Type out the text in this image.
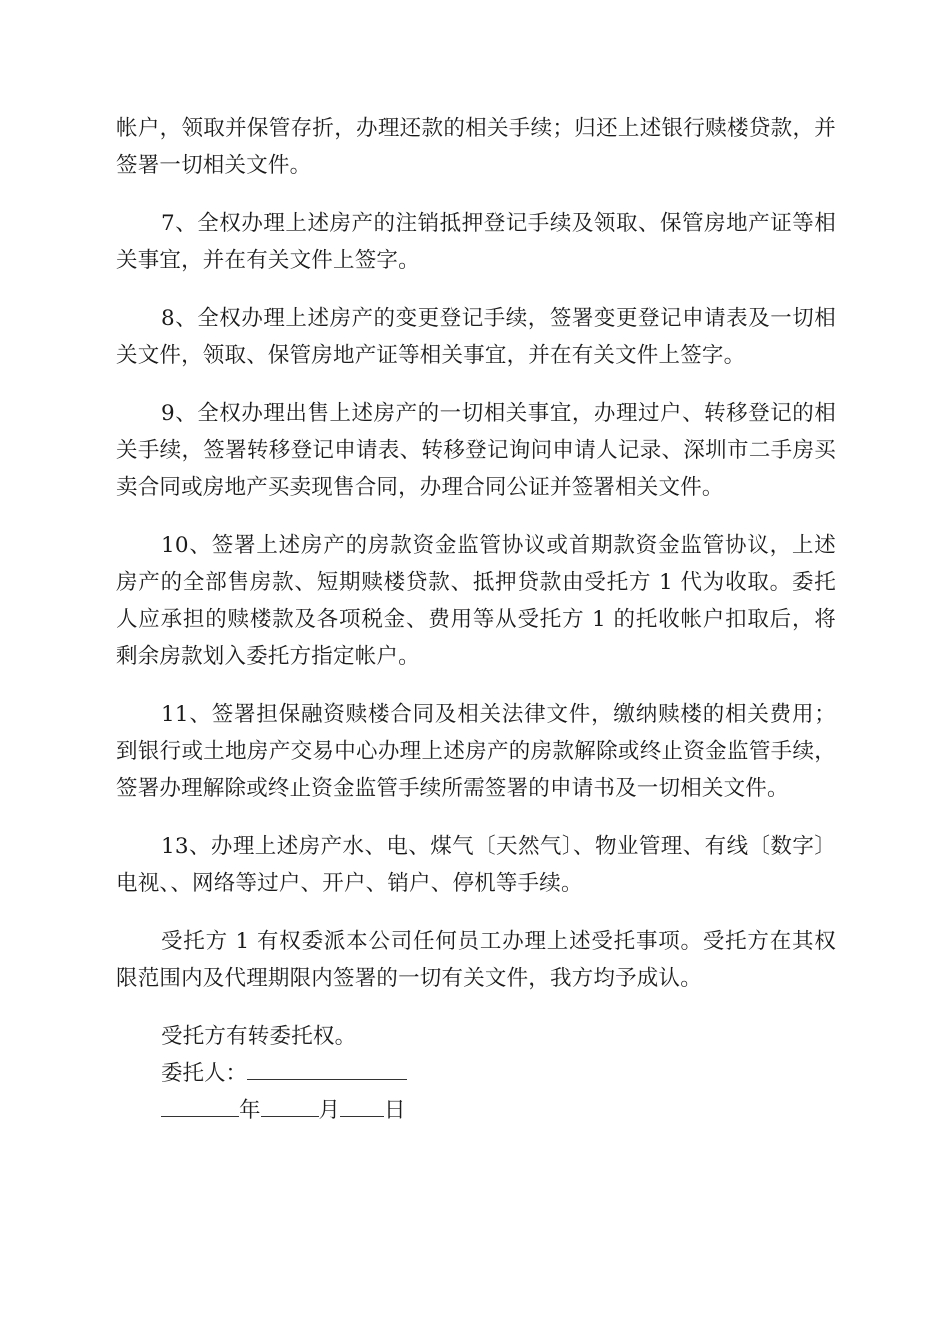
帐户，领取并保管存折，办理还款的相关手续；归还上述银行赎楼贷款，并签署一切相关文件。

7、全权办理上述房产的注销抵押登记手续及领取、保管房地产证等相关事宜，并在有关文件上签字。

8、全权办理上述房产的变更登记手续，签署变更登记申请表及一切相关文件，领取、保管房地产证等相关事宜，并在有关文件上签字。

9、全权办理出售上述房产的一切相关事宜，办理过户、转移登记的相关手续，签署转移登记申请表、转移登记询问申请人记录、深圳市二手房买卖合同或房地产买卖现售合同，办理合同公证并签署相关文件。

10、签署上述房产的房款资金监管协议或首期款资金监管协议，上述房产的全部售房款、短期赎楼贷款、抵押贷款由受托方 1 代为收取。委托人应承担的赎楼款及各项税金、费用等从受托方 1 的托收帐户扣取后，将剩余房款划入委托方指定帐户。

11、签署担保融资赎楼合同及相关法律文件，缴纳赎楼的相关费用；到银行或土地房产交易中心办理上述房产的房款解除或终止资金监管手续，签署办理解除或终止资金监管手续所需签署的申请书及一切相关文件。

13、办理上述房产水、电、煤气〔天然气〕、物业管理、有线〔数字〕电视、、网络等过户、开户、销户、停机等手续。

受托方 1 有权委派本公司任何员工办理上述受托事项。受托方在其权限范围内及代理期限内签署的一切有关文件，我方均予成认。

受托方有转委托权。

委托人：

年	月 日
